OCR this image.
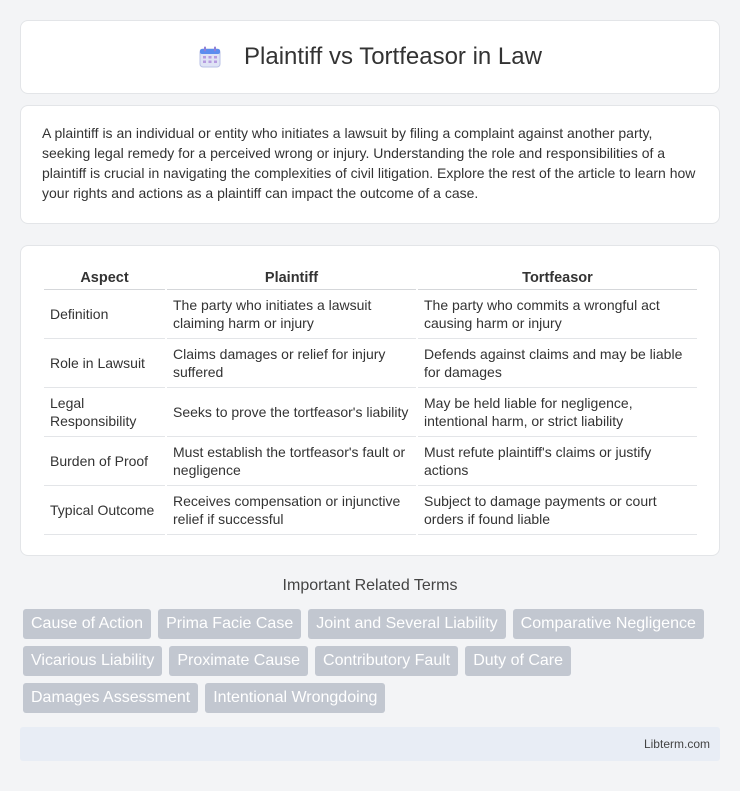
Plaintiff vs Tortfeasor in Law

A plaintiff is an individual or entity who initiates a lawsuit by filing a complaint against another party, seeking legal remedy for a perceived wrong or injury. Understanding the role and responsibilities of a plaintiff is crucial in navigating the complexities of civil litigation. Explore the rest of the article to learn how your rights and actions as a plaintiff can impact the outcome of a case.

Aspect	Plaintiff	Tortfeasor
Definition	The party who initiates a lawsuit claiming harm or injury	The party who commits a wrongful act causing harm or injury
Role in Lawsuit	Claims damages or relief for injury suffered	Defends against claims and may be liable for damages
Legal Responsibility	Seeks to prove the tortfeasor's liability	May be held liable for negligence, intentional harm, or strict liability
Burden of Proof	Must establish the tortfeasor's fault or negligence	Must refute plaintiff's claims or justify actions
Typical Outcome	Receives compensation or injunctive relief if successful	Subject to damage payments or court orders if found liable
Important Related Terms
Cause of Action	Prima Facie Case	Joint and Several Liability	Comparative Negligence
Vicarious Liability	Proximate Cause	Contributory Fault	Duty of Care
Damages Assessment	Intentional Wrongdoing
Libterm.com
